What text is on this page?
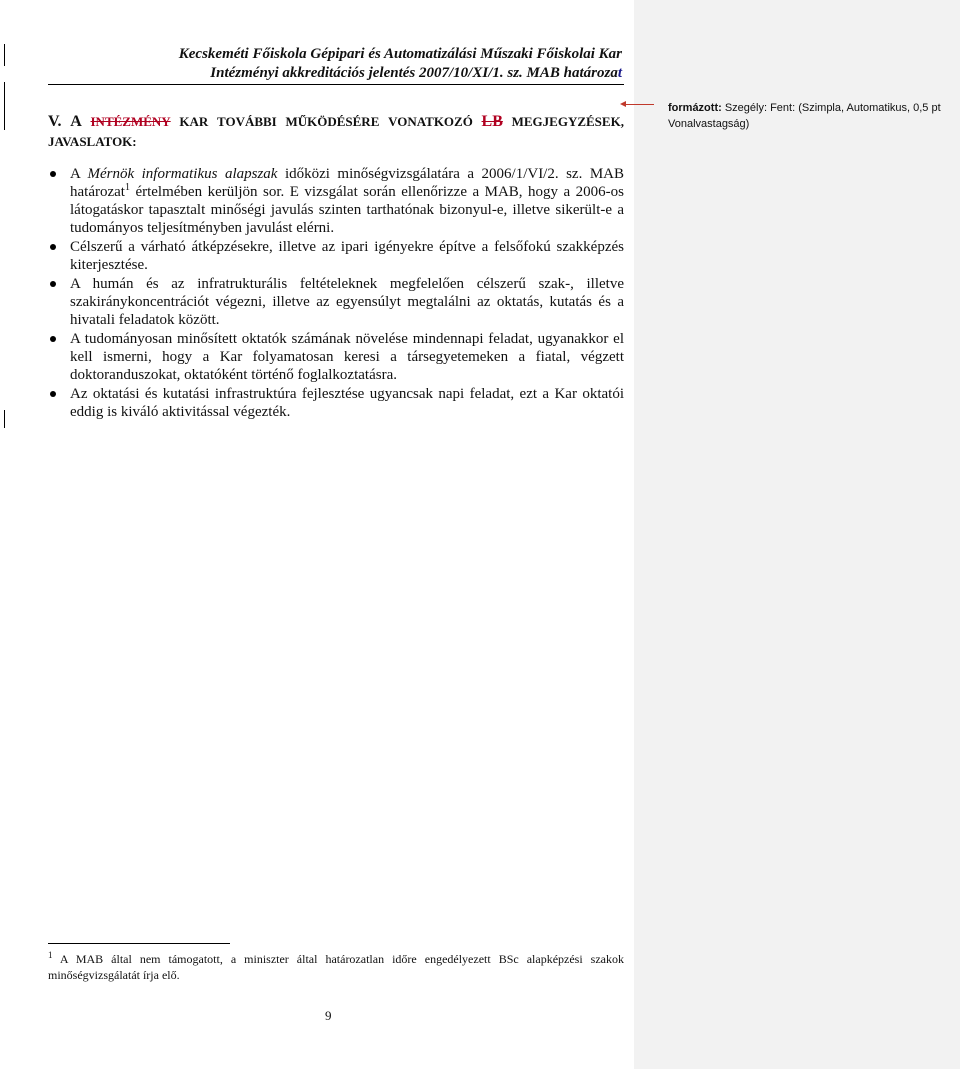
Kecskeméti Főiskola Gépipari és Automatizálási Műszaki Főiskolai Kar
Intézményi akkreditációs jelentés 2007/10/XI/1. sz. MAB határozat
V. A INTÉZMÉNY KAR TOVÁBBI MŰKÖDÉSÉRE VONATKOZÓ LB MEGJEGYZÉSEK,
JAVASLATOK:
A Mérnök informatikus alapszak időközi minőségvizsgálatára a 2006/1/VI/2. sz. MAB határozat$^1$ értelmében kerüljön sor. E vizsgálat során ellenőrizze a MAB, hogy a 2006-os látogatáskor tapasztalt minőségi javulás szinten tarthatónak bizonyul-e, illetve sikerült-e a tudományos teljesítményben javulást elérni.
Célszerű a várható átképzésekre, illetve az ipari igényekre építve a felsőfokú szakképzés kiterjesztése.
A humán és az infratrukturális feltételeknek megfelelően célszerű szak-, illetve szakiránykoncentrációt végezni, illetve az egyensúlyt megtalálni az oktatás, kutatás és a hivatali feladatok között.
A tudományosan minősített oktatók számának növelése mindennapi feladat, ugyanakkor el kell ismerni, hogy a Kar folyamatosan keresi a társegyetemeken a fiatal, végzett doktoranduszokat, oktatóként történő foglalkoztatásra.
Az oktatási és kutatási infrastruktúra fejlesztése ugyancsak napi feladat, ezt a Kar oktatói eddig is kiváló aktivitással végezték.
$^1$ A MAB által nem támogatott, a miniszter által határozatlan időre engedélyezett BSc alapképzési szakok minőségvizsgálatát írja elő.
9
formázott: Szegély: Fent: (Szimpla, Automatikus, 0,5 pt Vonalvastagság)
